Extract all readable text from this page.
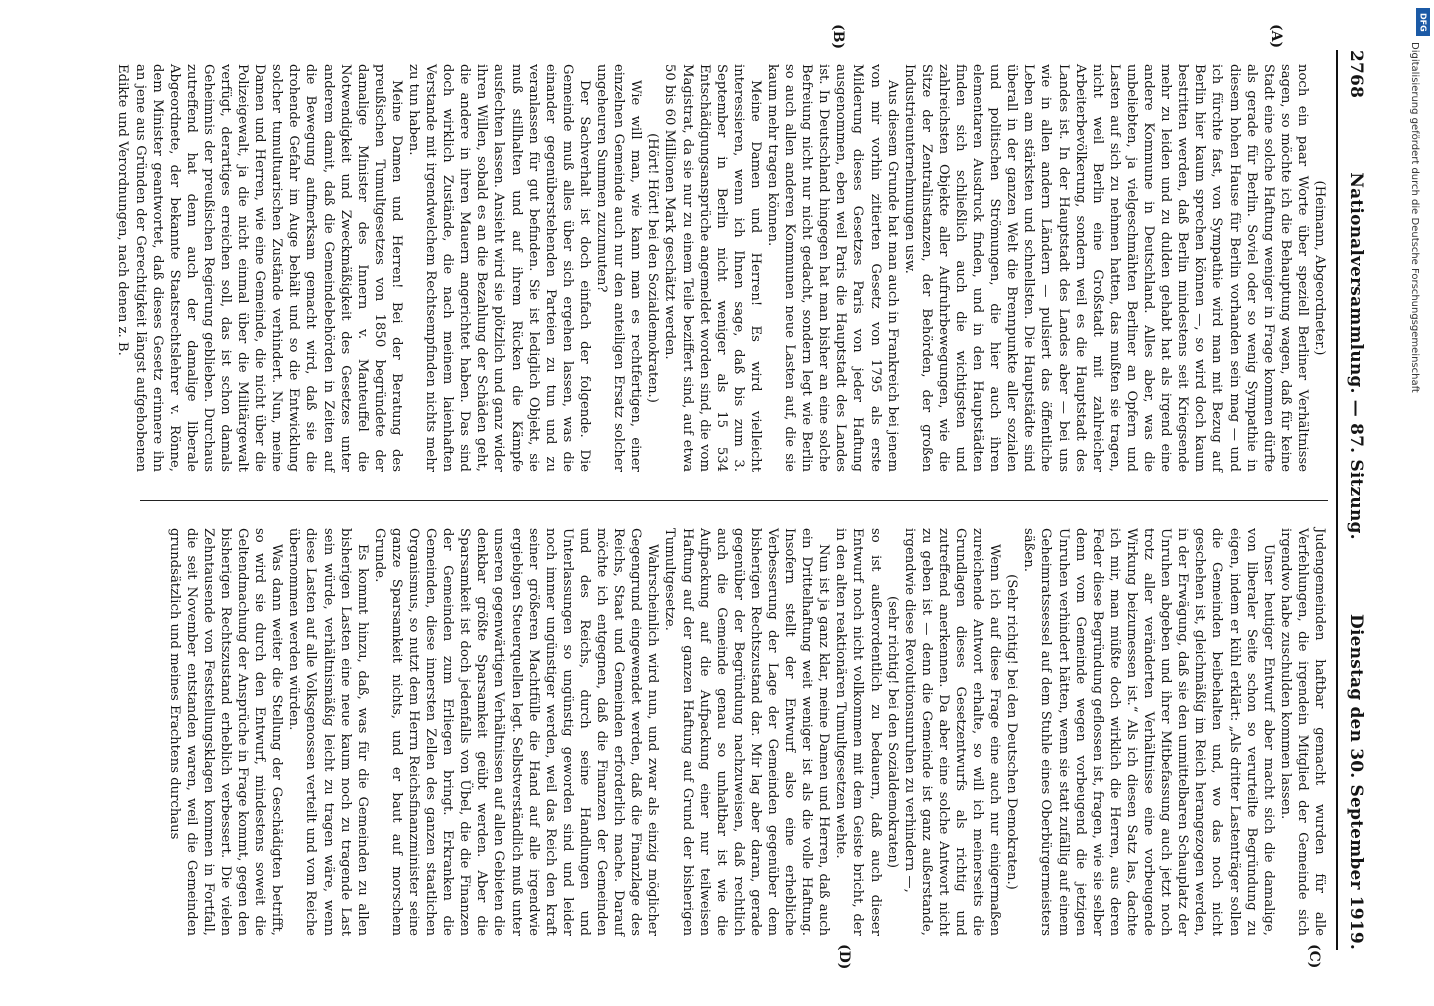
2768
Nationalversammlung. — 87. Sitzung.
Dienstag den 30. September 1919.
(A)
(B)
(C)
(D)

(Heimann, Abgeordneter.)

noch ein paar Worte über speziell Berliner Verhältnisse sagen, so möchte ich die Behauptung wagen, daß für keine Stadt eine solche Haftung weniger in Frage kommen dürfte als gerade für Berlin. Soviel oder so wenig Sympathie in diesem hohen Hause für Berlin vorhanden sein mag — und ich fürchte fast, von Sympathie wird man mit Bezug auf Berlin hier kaum sprechen können —, so wird doch kaum bestritten werden, daß Berlin mindestens seit Kriegsende mehr zu leiden und zu dulden gehabt hat als irgend eine andere Kommune in Deutschland. Alles aber, was die unbeliebten, ja vielgeschmähten Berliner an Opfern und Lasten auf sich zu nehmen hatten, das mußten sie tragen, nicht weil Berlin eine Großstadt mit zahlreicher Arbeiterbevölkerung, sondern weil es die Hauptstadt des Landes ist. In der Hauptstadt des Landes aber — bei uns wie in allen andern Ländern — pulsiert das öffentliche Leben am stärksten und schnellsten. Die Hauptstädte sind überall in der ganzen Welt die Brennpunkte aller sozialen und politischen Strömungen, die hier auch ihren elementaren Ausdruck finden, und in den Hauptstädten finden sich schließlich auch die wichtigsten und zahlreichsten Objekte aller Aufruhrbewegungen, wie die Sitze der Zentralinstanzen, der Behörden, der großen Industrieunternehmungen usw.

Aus diesem Grunde hat man auch in Frankreich bei jenem von mir vorhin zitierten Gesetz von 1795 als erste Milderung dieses Gesetzes Paris von jeder Haftung ausgenommen, eben weil Paris die Hauptstadt des Landes ist. In Deutschland hingegen hat man bisher an eine solche Befreiung nicht nur nicht gedacht, sondern legt wie Berlin so auch allen anderen Kommunen neue Lasten auf, die sie kaum mehr tragen können.

Meine Damen und Herren! Es wird vielleicht interessieren, wenn ich Ihnen sage, daß bis zum 3. September in Berlin nicht weniger als 15 534 Entschädigungsansprüche angemeldet worden sind, die vom Magistrat, da sie nur zu einem Teile beziffert sind, auf etwa 50 bis 60 Millionen Mark geschätzt werden.

(Hört! Hört! bei den Sozialdemokraten.)

Wie will man, wie kann man es rechtfertigen, einer einzelnen Gemeinde auch nur den anteiligen Ersatz solcher ungeheuren Summen zuzumuten?

Der Sachverhalt ist doch einfach der folgende. Die Gemeinde muß alles über sich ergehen lassen, was die einander gegenüberstehenden Parteien zu tun und zu veranlassen für gut befinden. Sie ist lediglich Objekt, sie muß stillhalten und auf ihrem Rücken die Kämpfe ausfechten lassen. Ansieht wird sie plötzlich und ganz wider ihren Willen, sobald es an die Bezahlung der Schäden geht, die andere in ihren Mauern angerichtet haben. Das sind doch wirklich Zustände, die nach meinem laienhaften Verstande mit irgendwelchem Rechtsempfinden nichts mehr zu tun haben.

Meine Damen und Herren! Bei der Beratung des preußischen Tumultgesetzes von 1850 begründete der damalige Minister des Innern v. Manteuffel die Notwendigkeit und Zweckmäßigkeit des Gesetzes unter anderem damit, daß die Gemeindebehörden in Zeiten auf die Bewegung aufmerksam gemacht wird, daß sie die drohende Gefahr im Auge behält und so die Entwicklung solcher tumultuarischen Zustände verhindert. Nun, meine Damen und Herren, wie eine Gemeinde, die nicht über die Polizeigewalt, ja die nicht einmal über die Militärgewalt verfügt, derartiges erreichen soll, das ist schon damals Geheimnis der preußischen Regierung geblieben. Durchaus zutreffend hat denn auch der damalige liberale Abgeordnete, der bekannte Staatsrechtslehrer v. Rönne, dem Minister geantwortet, daß dieses Gesetz erinnere ihn an jene aus Gründen der Gerechtigkeit längst aufgehobenen Edikte und Verordnungen, nach denen z. B.

Judengemeinden haftbar gemacht wurden für alle Verfehlungen, die irgendein Mitglied der Gemeinde sich irgendwo habe zuschulden kommen lassen.

Unser heutiger Entwurf aber macht sich die damalige, von liberaler Seite schon so verurteilte Begründung zu eigen, indem er kühl erklärt: „Als dritter Lastenträger sollen die Gemeinden beibehalten und, wo das noch nicht geschehen ist, gleichmäßig im Reich herangezogen werden, in der Erwägung, daß sie den unmittelbaren Schauplatz der Unruhen abgeben und ihrer Mitbefassung auch jetzt noch trotz aller veränderten Verhältnisse eine vorbeugende Wirkung beizumessen ist.“ Als ich diesen Satz las, dachte ich mir, man müßte doch wirklich die Herren, aus deren Feder diese Begründung geflossen ist, fragen, wie sie selber denn vom Gemeinde wegen vorbeugend die jetzigen Unruhen verhindert hätten, wenn sie statt zufällig auf einem Geheimratssessel auf dem Stuhle eines Oberbürgermeisters säßen.

(Sehr richtig! bei den Deutschen Demokraten.)

Wenn ich auf diese Frage eine auch nur einigermaßen zureichende Antwort erhalte, so will ich meinerseits die Grundlagen dieses Gesetzentwurfs als richtig und zutreffend anerkennen. Da aber eine solche Antwort nicht zu geben ist — denn die Gemeinde ist ganz außerstande, irgendwie diese Revolutionsunruhen zu verhindern —,

(sehr richtig! bei den Sozialdemokraten)

so ist außerordentlich zu bedauern, daß auch dieser Entwurf noch nicht vollkommen mit dem Geiste bricht, der in den alten reaktionären Tumultgesetzen wehte.

Nun ist ja ganz klar, meine Damen und Herren, daß auch ein Drittelhaftung weit weniger ist als die volle Haftung. Insofern stellt der Entwurf also eine erhebliche Verbesserung der Lage der Gemeinden gegenüber dem bisherigen Rechtszustand dar. Mir lag aber daran, gerade gegenüber der Begründung nachzuweisen, daß rechtlich auch die Gemeinde genau so unhaltbar ist wie die Aufpackung auf die Aufpackung einer nur teilweisen Haftung auf der ganzen Haftung auf Grund der bisherigen Tumultgesetze.

Wahrscheinlich wird nun, und zwar als einzig möglicher Gegengrund eingewendet werden, daß die Finanzlage des Reichs, Staat und Gemeinden erforderlich mache. Darauf möchte ich entgegnen, daß die Finanzen der Gemeinden und des Reichs, durch seine Handlungen und Unterlassungen so ungünstig geworden sind und leider noch immer ungünstiger werden, weil das Reich den kraft seiner größeren Machtfülle die Hand auf alle irgendwie ergiebigen Steuerquellen legt. Selbstverständlich muß unter unseren gegenwärtigen Verhältnissen auf allen Gebieten die denkbar größte Sparsamkeit geübt werden. Aber die Sparsamkeit ist doch jedenfalls von Übel, die die Finanzen der Gemeinden zum Erliegen bringt. Erkranken die Gemeinden, diese innersten Zellen des ganzen staatlichen Organismus, so nutzt dem Herrn Reichsfinanzminister seine ganze Sparsamkeit nichts, und er baut auf morschem Grunde.

Es kommt hinzu, daß, was für die Gemeinden zu allen bisherigen Lasten eine neue kaum noch zu tragende Last sein würde, verhältnismäßig leicht zu tragen wäre, wenn diese Lasten auf alle Volksgenossen verteilt und vom Reiche übernommen werden würden.

Was dann weiter die Stellung der Geschädigten betrifft, so wird sie durch den Entwurf, mindestens soweit die Geltendmachung der Ansprüche in Frage kommt, gegen den bisherigen Rechtszustand erheblich verbessert. Die vielen Zehntausende von Feststellungsklagen kommen in Fortfall, die seit November entstanden waren, weil die Gemeinden grundsätzlich und meines Erachtens durchaus

DFG
Digitalisierung gefördert durch die Deutsche Forschungsgemeinschaft
